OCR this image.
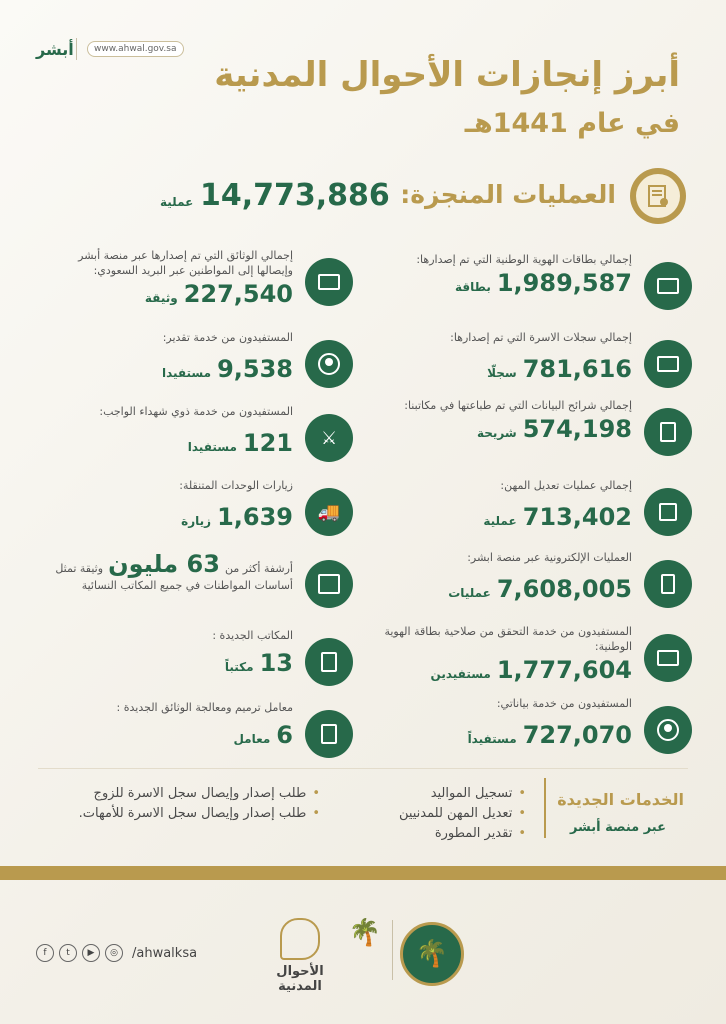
أبشر	www.ahwal.gov.sa
أبرز إنجازات الأحوال المدنية
في عام 1441هـ
العمليات المنجزة:
14,773,886
عملية
إجمالي بطاقات الهوية الوطنية التي تم إصدارها:
1,989,587بطاقة
إجمالي سجلات الاسرة التي تم إصدارها:
781,616سجلّا
إجمالي شرائح البيانات التي تم طباعتها في مكاتبنا:
574,198شريحة
إجمالي عمليات تعديل المهن:
713,402عملية
العمليات الإلكترونية عبر منصة ابشر:
7,608,005عمليات
المستفيدون من خدمة التحقق من صلاحية بطاقة الهوية الوطنية:
1,777,604مستفيدين
المستفيدون من خدمة بياناتي:
727,070مستفيداً
إجمالي الوثائق التي تم إصدارها عبر منصة أبشر وإيصالها إلى المواطنين عبر البريد السعودي:
227,540وثيقة
المستفيدون من خدمة تقدير:
9,538مستفيدا
⚔
المستفيدون من خدمة ذوي شهداء الواجب:
121مستفيدا
🚚
زيارات الوحدات المتنقلة:
1,639زيارة
أرشفة أكثر من 63 مليون وثيقة تمثل
أساسات المواطنات في جميع المكاتب النسائية
المكاتب الجديدة :
13مكتباً
معامل ترميم ومعالجة الوثائق الجديدة :
6معامل
الخدمات الجديدة
عبر منصة أبشر
• تسجيل المواليد
• تعديل المهن للمدنيين
• تقدير المطورة
• طلب إصدار وإيصال سجل الاسرة للزوج
• طلب إصدار وإيصال سجل الاسرة للأمهات.
f	t	▶	◎	/ahwalksa
الأحوال المدنية
🌴
🌴
